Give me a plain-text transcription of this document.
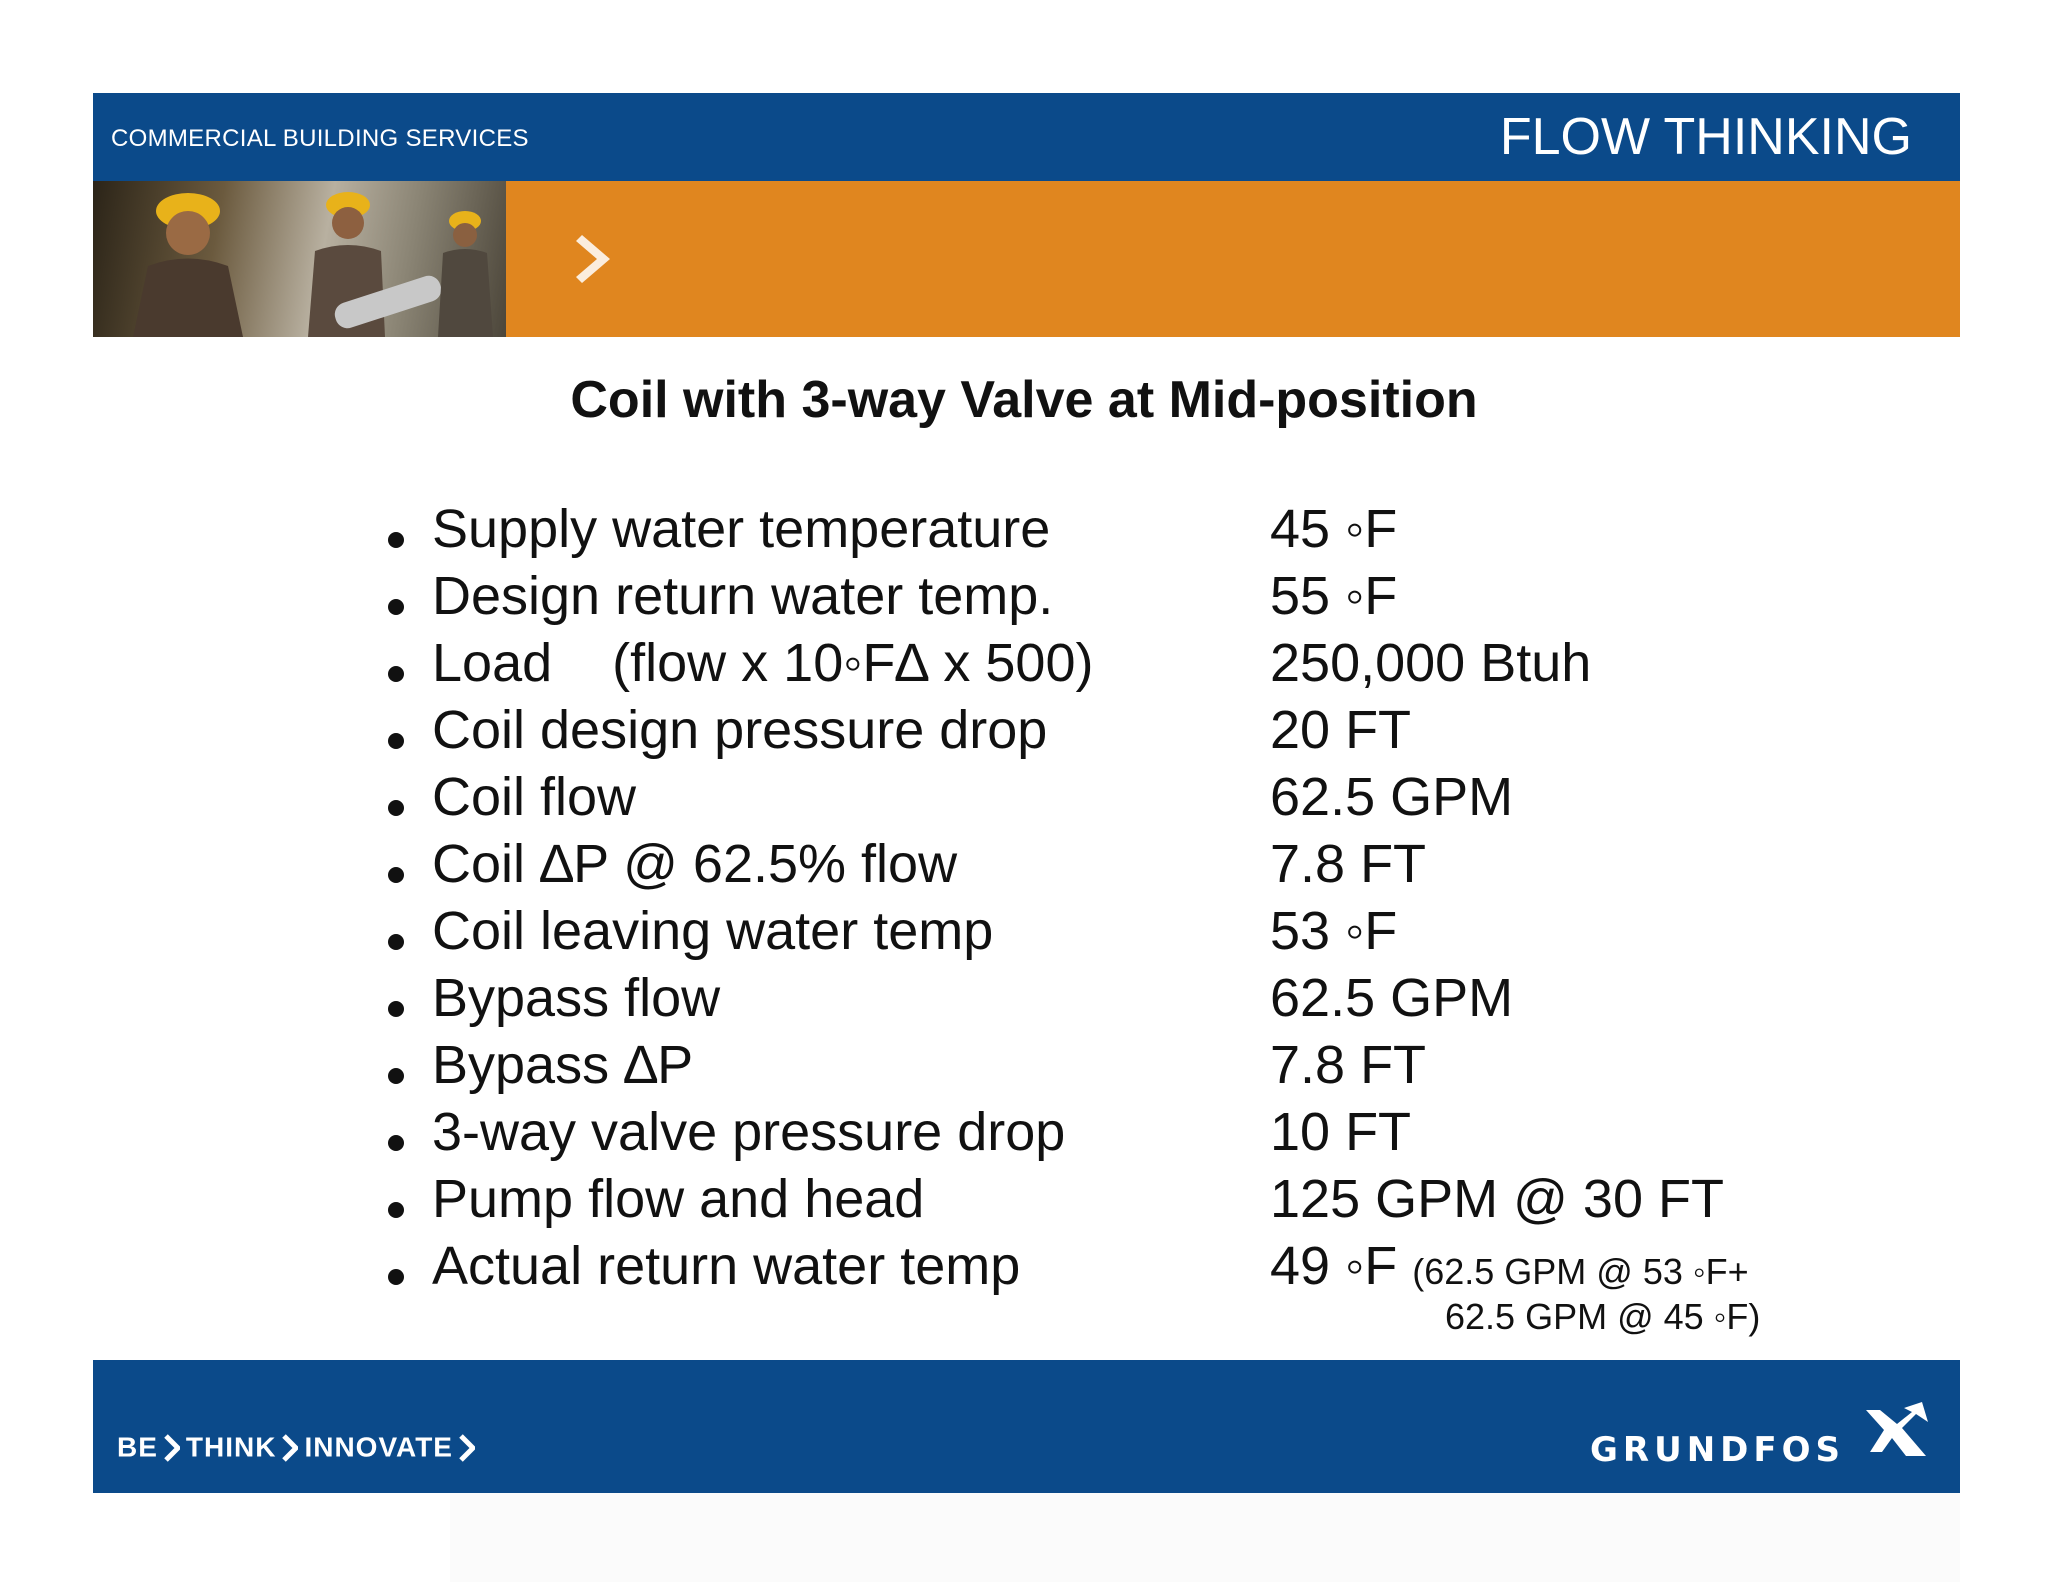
COMMERCIAL BUILDING SERVICES	FLOW THINKING
Coil with 3-way Valve at Mid-position
Supply water temperature	45 ◦F
Design return water temp.	55 ◦F
Load    (flow x 10◦F∆ x 500)	250,000 Btuh
Coil design pressure drop	20 FT
Coil flow	62.5 GPM
Coil ∆P @ 62.5% flow	7.8 FT
Coil leaving water temp	53 ◦F
Bypass flow	62.5 GPM
Bypass ∆P	7.8 FT
3-way valve pressure drop	10 FT
Pump flow and head	125 GPM @ 30 FT
Actual return water temp	49 ◦F (62.5 GPM @ 53 ◦F+
62.5 GPM @ 45 ◦F)
BE THINK INNOVATE	GRUNDFOS
